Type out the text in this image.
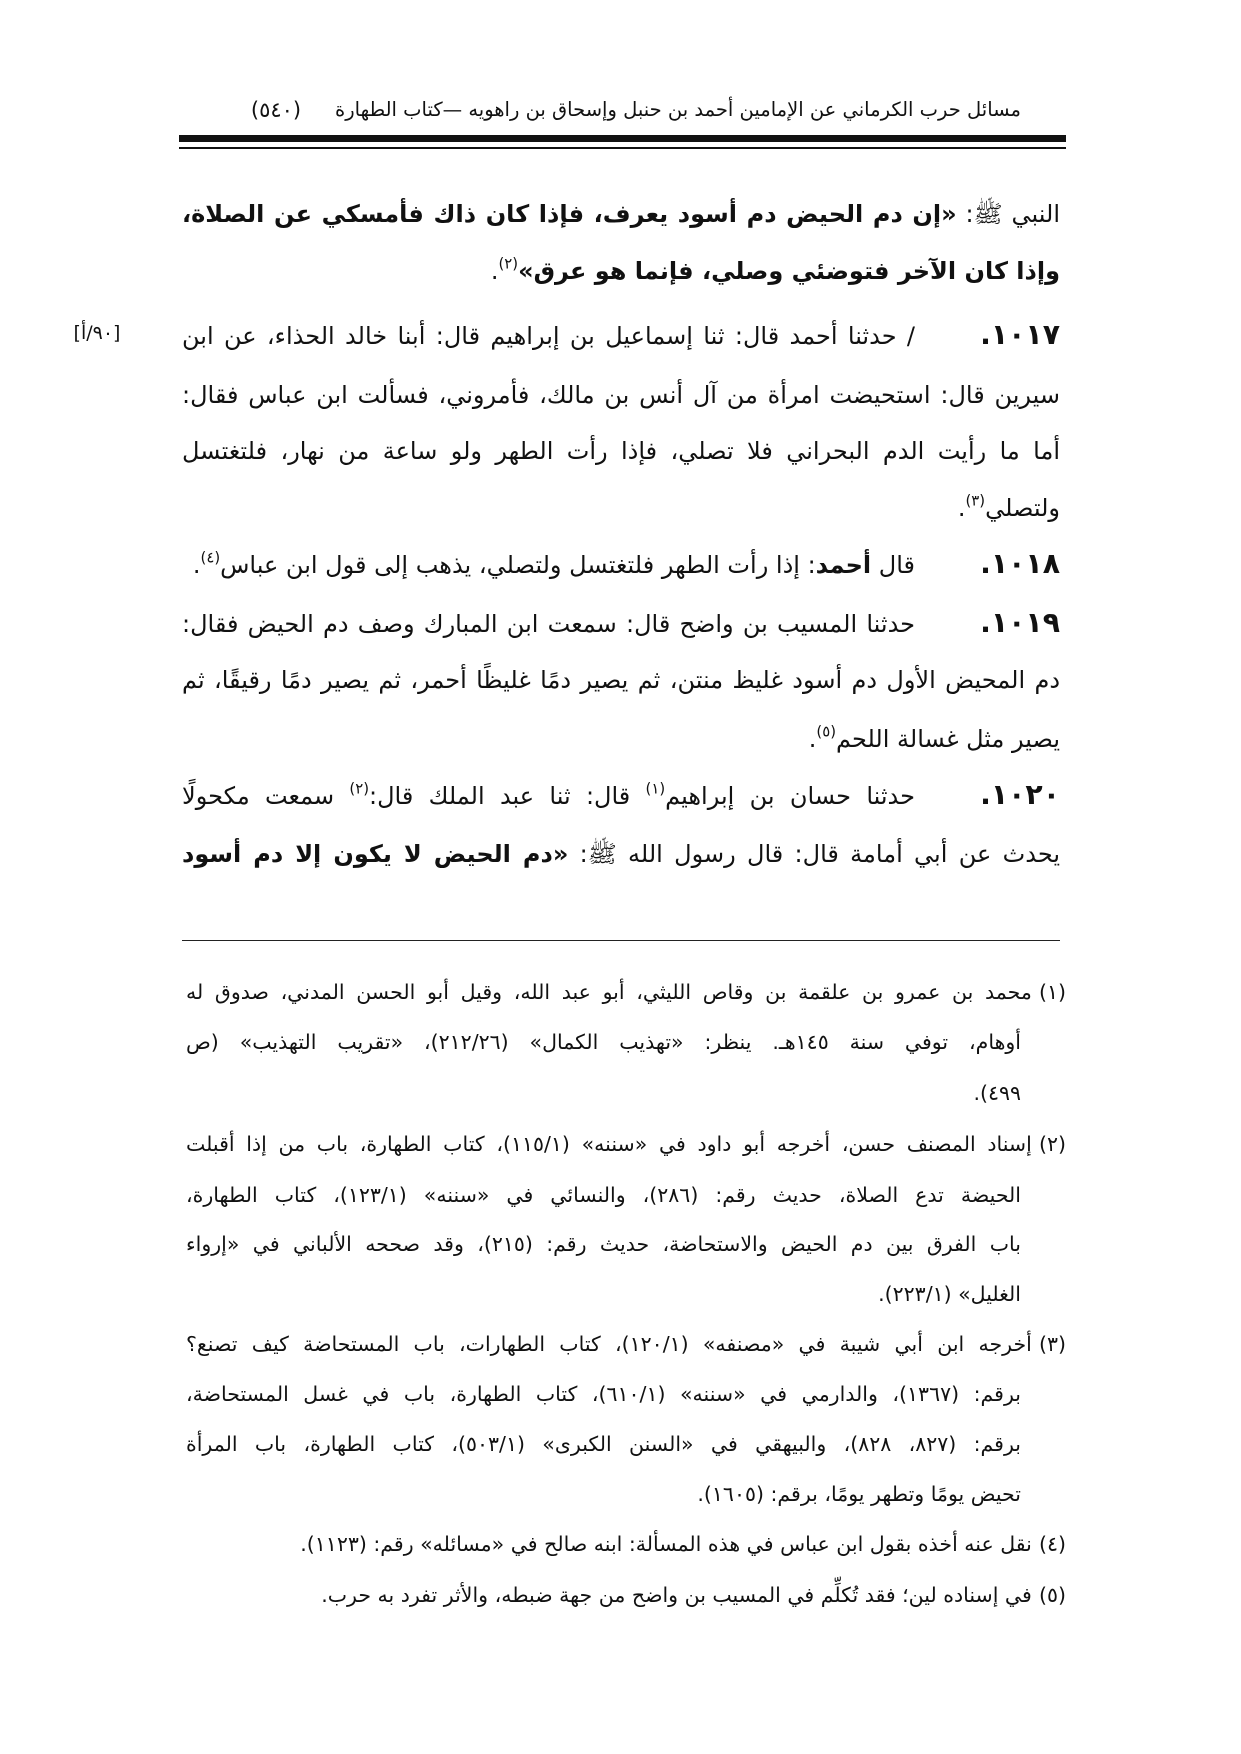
مسائل حرب الكرماني عن الإمامين أحمد بن حنبل وإسحاق بن راهويه —كتاب الطهارة
(٥٤٠)
[٩٠/أ]
النبي ﷺ: «إن دم الحيض دم أسود يعرف، فإذا كان ذاك فأمسكي عن الصلاة،
وإذا كان الآخر فتوضئي وصلي، فإنما هو عرق»$^{(٢)}$.
١٠١٧./ حدثنا أحمد قال: ثنا إسماعيل بن إبراهيم قال: أبنا خالد الحذاء، عن ابن
سيرين قال: استحيضت امرأة من آل أنس بن مالك، فأمروني، فسألت ابن عباس فقال:
أما ما رأيت الدم البحراني فلا تصلي، فإذا رأت الطهر ولو ساعة من نهار، فلتغتسل
ولتصلي$^{(٣)}$.
١٠١٨.قال أحمد: إذا رأت الطهر فلتغتسل ولتصلي، يذهب إلى قول ابن عباس$^{(٤)}$.
١٠١٩.حدثنا المسيب بن واضح قال: سمعت ابن المبارك وصف دم الحيض فقال:
دم المحيض الأول دم أسود غليظ منتن، ثم يصير دمًا غليظًا أحمر، ثم يصير دمًا رقيقًا، ثم
يصير مثل غسالة اللحم$^{(٥)}$.
١٠٢٠.حدثنا حسان بن إبراهيم$^{(١)}$ قال: ثنا عبد الملك قال:$^{(٢)}$ سمعت مكحولًا
يحدث عن أبي أمامة قال: قال رسول الله ﷺ: «دم الحيض لا يكون إلا دم أسود
(١)محمد بن عمرو بن علقمة بن وقاص الليثي، أبو عبد الله، وقيل أبو الحسن المدني، صدوق له
أوهام، توفي سنة ١٤٥هـ. ينظر: «تهذيب الكمال» (٢١٢/٢٦)، «تقريب التهذيب» (ص
٤٩٩).
(٢)إسناد المصنف حسن، أخرجه أبو داود في «سننه» (١١٥/١)، كتاب الطهارة، باب من إذا أقبلت
الحيضة تدع الصلاة، حديث رقم: (٢٨٦)، والنسائي في «سننه» (١٢٣/١)، كتاب الطهارة،
باب الفرق بين دم الحيض والاستحاضة، حديث رقم: (٢١٥)، وقد صححه الألباني في «إرواء
الغليل» (٢٢٣/١).
(٣)أخرجه ابن أبي شيبة في «مصنفه» (١٢٠/١)، كتاب الطهارات، باب المستحاضة كيف تصنع؟
برقم: (١٣٦٧)، والدارمي في «سننه» (٦١٠/١)، كتاب الطهارة، باب في غسل المستحاضة،
برقم: (٨٢٧، ٨٢٨)، والبيهقي في «السنن الكبرى» (٥٠٣/١)، كتاب الطهارة، باب المرأة
تحيض يومًا وتطهر يومًا، برقم: (١٦٠٥).
(٤)نقل عنه أخذه بقول ابن عباس في هذه المسألة: ابنه صالح في «مسائله» رقم: (١١٢٣).
(٥)في إسناده لين؛ فقد تُكلِّم في المسيب بن واضح من جهة ضبطه، والأثر تفرد به حرب.
